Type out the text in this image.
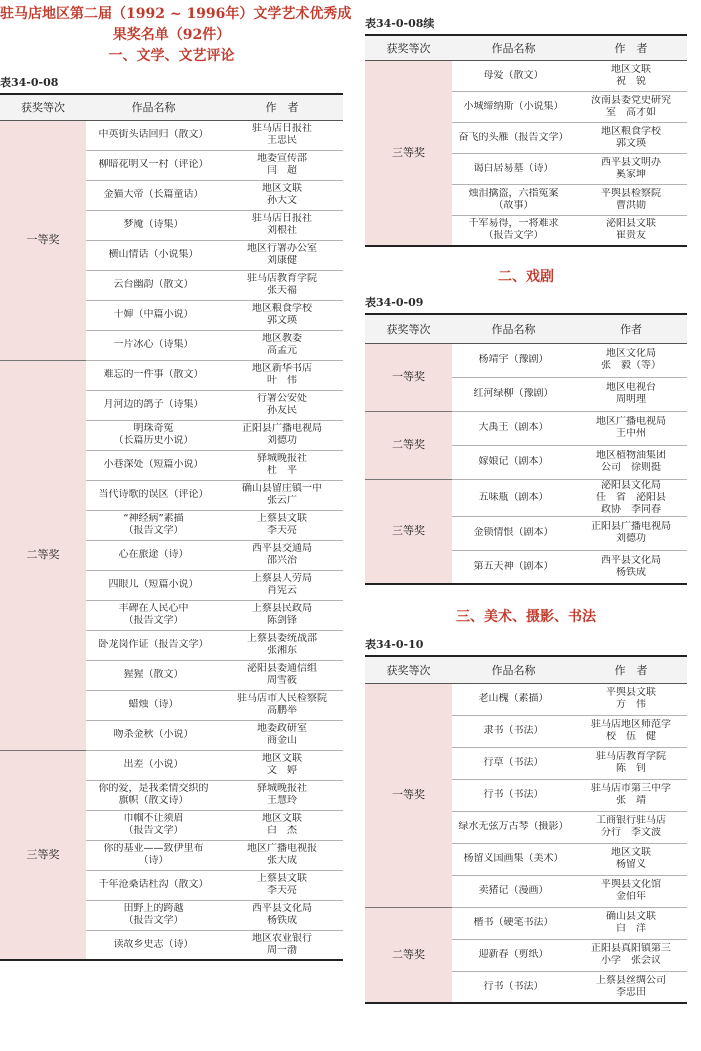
驻马店地区第二届（1992 ~ 1996年）文学艺术优秀成
果奖名单（92件）
一、文学、文艺评论
表34-0-08
获奖等次	作品名称	作　者
一等奖	中英街头话回归（散文）	驻马店日报社
王忠民

	柳暗花明又一村（评论）	地委宣传部
闫　超

	金猫大帝（长篇童话）	地区文联
孙大文

	梦魇（诗集）	驻马店日报社
刘根社

	横山情话（小说集）	地区行署办公室
刘康健

	云台幽韵（散文）	驻马店教育学院
张天福

	十婶（中篇小说）	地区粮食学校
郭文瑛

	一片冰心（诗集）	地区教委
高孟元

二等奖	难忘的一件事（散文）	地区新华书店
叶　伟

	月河边的鸽子（诗集）	行署公安处
孙友民

	明珠奇冤
（长篇历史小说）	正阳县广播电视局
刘德功

	小巷深处（短篇小说）	驿城晚报社
杜　平

	当代诗歌的误区（评论）	确山县留庄镇一中
张云广

	“神经病”素描
（报告文学）	上蔡县文联
李天亮

	心在旅途（诗）	西平县交通局
邵兴治

	四眼儿（短篇小说）	上蔡县人劳局
肖宪云

	丰碑在人民心中
（报告文学）	上蔡县民政局
陈剑锋

	卧龙岗作证（报告文学）	上蔡县委统战部
张湘东

	猩猩（散文）	泌阳县委通信组
周雪筱

	蜡烛（诗）	驻马店市人民检察院
高鹏举

	吻杀金秋（小说）	地委政研室
商金山

三等奖	出差（小说）	地区文联
文　婷

	你的爱，是我柔情交织的
旗帜（散文诗）	驿城晚报社
王慧玲

	巾帼不让须眉
（报告文学）	地区文联
白　杰

	你的基业——致伊里布
（诗）	地区广播电视报
张大成

	千年沧桑话杜沟（散文）	上蔡县文联
李天亮

	田野上的跨越
（报告文学）	西平县文化局
杨铁成

	读故乡史志（诗）	地区农业银行
周一渤
表34-0-08续
获奖等次	作品名称	作　者
三等奖	母爱（散文）	地区文联
祝　锐

	小城缔纳斯（小说集）	汝南县委党史研究
室　高才如

	奋飞的头雁（报告文学）	地区粮食学校
郭文瑛

	谒白居易墓（诗）	西平县文明办
奚家坤

	烛泪擒盗，六指冤案
（故事）	平舆县检察院
曹洪勋

	千军易得，一将难求
（报告文学）	泌阳县文联
崔贵友
二、戏剧
表34-0-09
获奖等次	作品名称	作者
一等奖	杨靖宇（豫剧）	地区文化局
张　毅（等）

	红河绿柳（豫剧）	地区电视台
周明理

二等奖	大禹王（剧本）	地区广播电视局
王中州

	嫁娘记（剧本）	地区植物油集团
公司　徐则挺

三等奖	五味瓶（剧本）	泌阳县文化局
任　省　泌阳县
政协　李同春

	金锁情恨（剧本）	正阳县广播电视局
刘德功

	第五天神（剧本）	西平县文化局
杨铁成
三、美术、摄影、书法
表34-0-10
获奖等次	作品名称	作　者
一等奖	老山槐（素描）	平舆县文联
方　伟

	隶书（书法）	驻马店地区师范学
校　伍　健

	行草（书法）	驻马店教育学院
陈　钊

	行书（书法）	驻马店市第三中学
张　靖

	绿水无弦万古琴（摄影）	工商银行驻马店
分行　李文波

	杨留义国画集（美术）	地区文联
杨留义

	卖猪记（漫画）	平舆县文化馆
金伯年

二等奖	楷书（硬笔书法）	确山县文联
白　洋

	迎新春（剪纸）	正阳县真阳镇第三
小学　张会议

	行书（书法）	上蔡县丝绸公司
李忠田
